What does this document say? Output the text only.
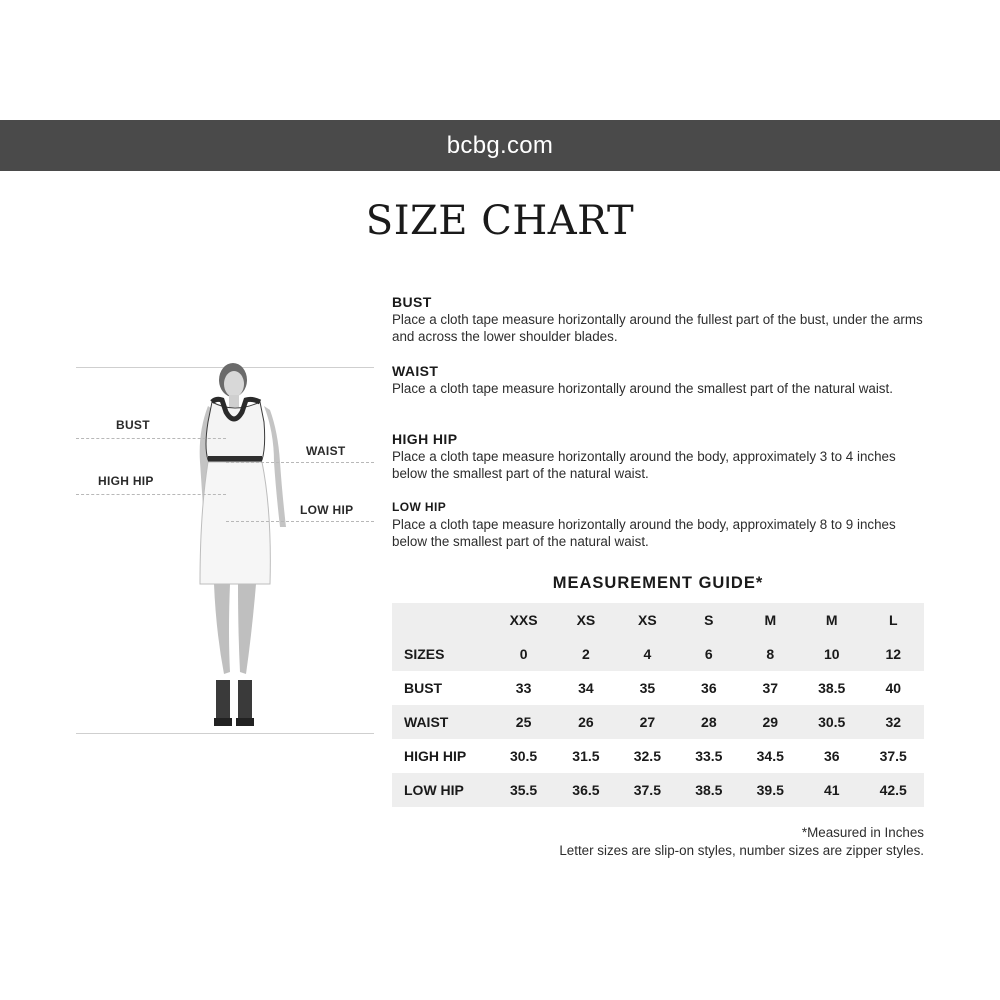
bcbg.com
SIZE CHART
BUST
WAIST
HIGH HIP
LOW HIP
BUST

Place a cloth tape measure horizontally around the fullest part of the bust, under the arms and across the lower shoulder blades.

WAIST

Place a cloth tape measure horizontally around the smallest part of the natural waist.

HIGH HIP

Place a cloth tape measure horizontally around the body, approximately 3 to 4 inches below the smallest part of the natural waist.

LOW HIP

Place a cloth tape measure horizontally around the body, approximately 8 to 9 inches below the smallest part of the natural waist.

MEASUREMENT GUIDE*
	XXS	XS	XS	S	M	M	L
SIZES	0	2	4	6	8	10	12
BUST	33	34	35	36	37	38.5	40
WAIST	25	26	27	28	29	30.5	32
HIGH HIP	30.5	31.5	32.5	33.5	34.5	36	37.5
LOW HIP	35.5	36.5	37.5	38.5	39.5	41	42.5
*Measured in Inches
Letter sizes are slip-on styles, number sizes are zipper styles.
